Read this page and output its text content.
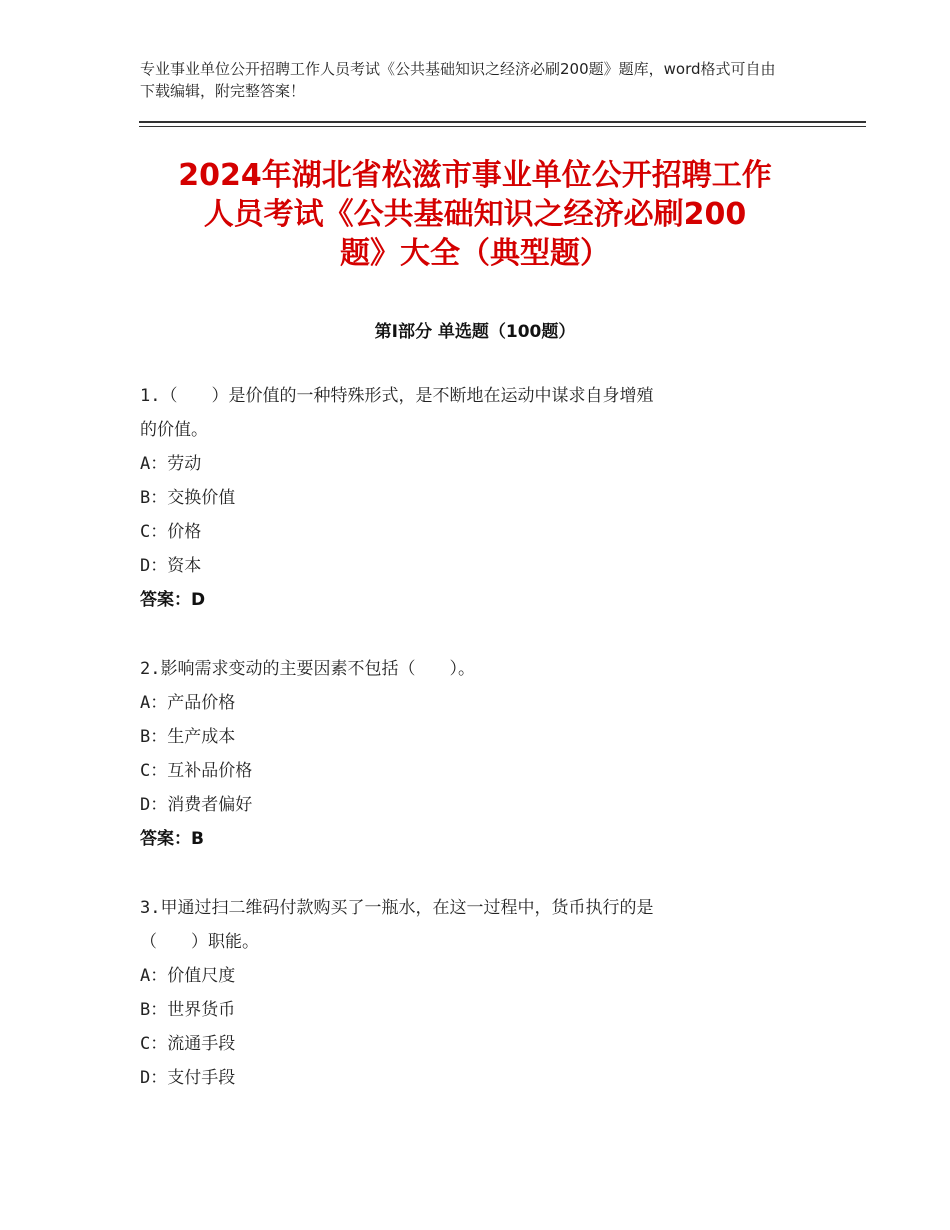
专业事业单位公开招聘工作人员考试《公共基础知识之经济必刷200题》题库，word格式可自由下载编辑，附完整答案！
2024年湖北省松滋市事业单位公开招聘工作
人员考试《公共基础知识之经济必刷200
题》大全（典型题）
第Ⅰ部分 单选题（100题）
1.（　　）是价值的一种特殊形式，是不断地在运动中谋求自身增殖
的价值。
A：劳动
B：交换价值
C：价格
D：资本
答案：D
2.影响需求变动的主要因素不包括（　　）。
A：产品价格
B：生产成本
C：互补品价格
D：消费者偏好
答案：B
3.甲通过扫二维码付款购买了一瓶水，在这一过程中，货币执行的是
（　　）职能。
A：价值尺度
B：世界货币
C：流通手段
D：支付手段
